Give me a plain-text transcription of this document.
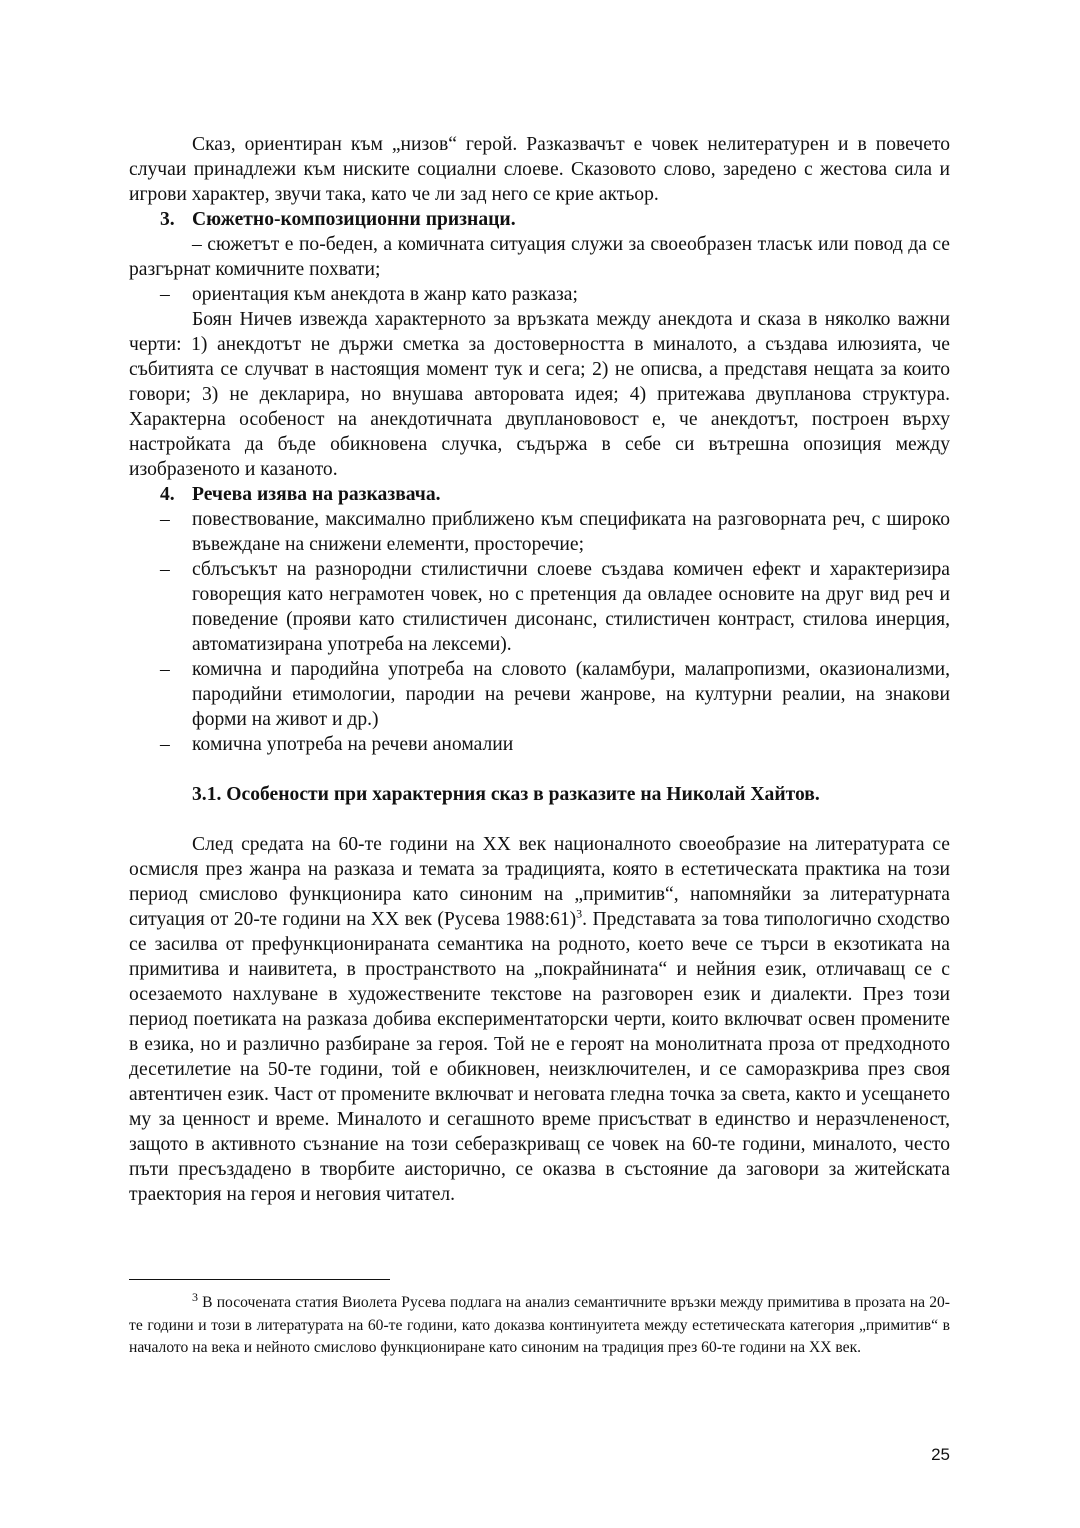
Сказ, ориентиран към „низов“ герой. Разказвачът е човек нелитературен и в повечето случаи принадлежи към ниските социални слоеве. Сказовото слово, заредено с жестова сила и игрови характер, звучи така, като че ли зад него се крие актьор.

3. Сюжетно-композиционни признаци.

– сюжетът е по-беден, а комичната ситуация служи за своеобразен тласък или повод да се разгърнат комичните похвати;

– ориентация към анекдота в жанр като разказа;

Боян Ничев извежда характерното за връзката между анекдота и сказа в няколко важни черти: 1) анекдотът не държи сметка за достоверността в миналото, а създава илюзията, че събитията се случват в настоящия момент тук и сега; 2) не описва, а представя нещата за които говори; 3) не декларира, но внушава авторовата идея; 4) притежава двупланова структура. Характерна особеност на анекдотичната двупланововост е, че анекдотът, построен върху настройката да бъде обикновена случка, съдържа в себе си вътрешна опозиция между изобразеното и казаното.

4. Речева изява на разказвача.
– повествование, максимално приближено към спецификата на разговорната реч, с широко въвеждане на снижени елементи, просторечие;
– сблъсъкът на разнородни стилистични слоеве създава комичен ефект и характеризира говорещия като неграмотен човек, но с претенция да овладее основите на друг вид реч и поведение (прояви като стилистичен дисонанс, стилистичен контраст, стилова инерция, автоматизирана употреба на лексеми).
– комична и пародийна употреба на словото (каламбури, малапропизми, оказионализми, пародийни етимологии, пародии на речеви жанрове, на културни реалии, на знакови форми на живот и др.)
– комична употреба на речеви аномалии
3.1. Особености при характерния сказ в разказите на Николай Хайтов.

След средата на 60-те години на XX век националното своеобразие на литературата се осмисля през жанра на разказа и темата за традицията, която в естетическата практика на този период смислово функционира като синоним на „примитив“, напомняйки за литературната ситуация от 20-те години на XX век (Русева 1988:61)$^3$. Представата за това типологично сходство се засилва от префункционираната семантика на родното, което вече се търси в екзотиката на примитива и наивитета, в пространството на „покрайнината“ и нейния език, отличаващ се с осезаемото нахлуване в художествените текстове на разговорен език и диалекти. През този период поетиката на разказа добива експериментаторски черти, които включват освен промените в езика, но и различно разбиране за героя. Той не е героят на монолитната проза от предходното десетилетие на 50-те години, той е обикновен, неизключителен, и се саморазкрива през своя автентичен език. Част от промените включват и неговата гледна точка за света, както и усещането му за ценност и време. Миналото и сегашното време присъстват в единство и неразчлененост, защото в активното съзнание на този себеразкриващ се човек на 60-те години, миналото, често пъти пресъздадено в творбите аисторично, се оказва в състояние да заговори за житейската траектория на героя и неговия читател.

$^3$ В посочената статия Виолета Русева подлага на анализ семантичните връзки между примитива в прозата на 20-те години и този в литературата на 60-те години, като доказва континуитета между естетическата категория „примитив“ в началото на века и нейното смислово функциониране като синоним на традиция през 60-те години на XX век.

25
